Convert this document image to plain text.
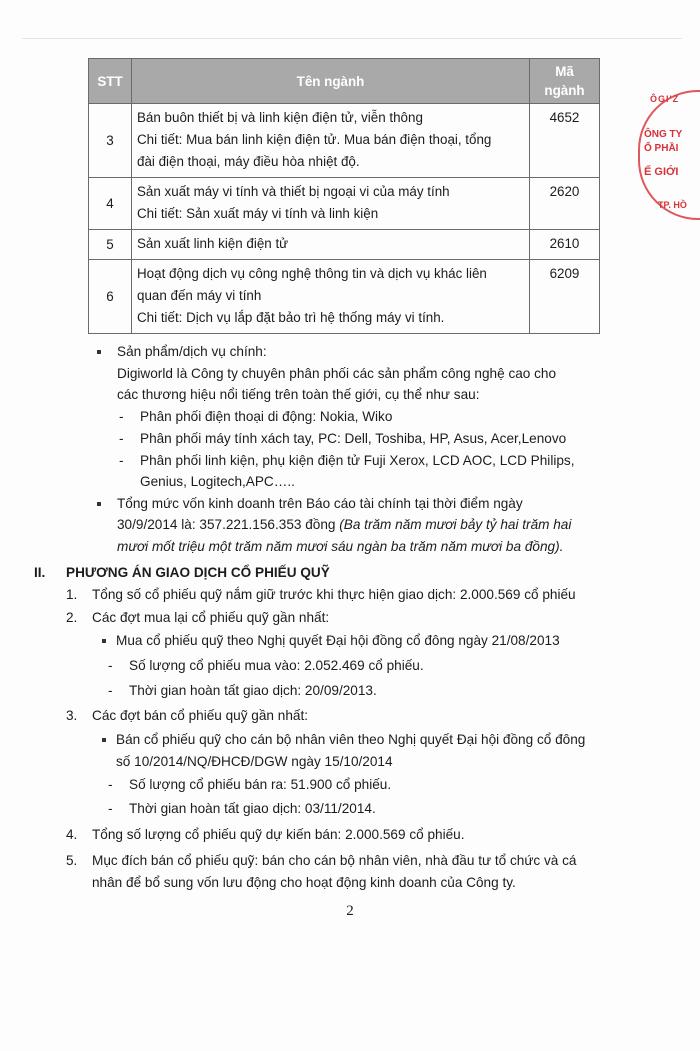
STT	Tên ngành	Mã
ngành
3	Bán buôn thiết bị và linh kiện điện tử, viễn thông

Chi tiết: Mua bán linh kiện điện tử. Mua bán điện thoại, tổng

đài điện thoại, máy điều hòa nhiệt độ.	4652
4	Sản xuất máy vi tính và thiết bị ngoại vi của máy tính

Chi tiết: Sản xuất máy vi tính và linh kiện	2620
5	Sản xuất linh kiện điện tử	2610
6	Hoạt động dịch vụ công nghệ thông tin và dịch vụ khác liên

quan đến máy vi tính

Chi tiết: Dịch vụ lắp đặt bảo trì hệ thống máy vi tính.	6209
Sản phẩm/dịch vụ chính:
Digiworld là Công ty chuyên phân phối các sản phẩm công nghệ cao cho
các thương hiệu nổi tiếng trên toàn thế giới, cụ thể như sau:
- Phân phối điện thoại di động: Nokia, Wiko
- Phân phối máy tính xách tay, PC: Dell, Toshiba, HP, Asus, Acer,Lenovo
- Phân phối linh kiện, phụ kiện điện tử Fuji Xerox, LCD AOC, LCD Philips,
Genius, Logitech,APC…..
Tổng mức vốn kinh doanh trên Báo cáo tài chính tại thời điểm ngày
30/9/2014 là: 357.221.156.353 đồng (Ba trăm năm mươi bảy tỷ hai trăm hai
mươi mốt triệu một trăm năm mươi sáu ngàn ba trăm năm mươi ba đồng).
II. PHƯƠNG ÁN GIAO DỊCH CỔ PHIẾU QUỸ
1. Tổng số cổ phiếu quỹ nắm giữ trước khi thực hiện giao dịch: 2.000.569 cổ phiếu
2. Các đợt mua lại cổ phiếu quỹ gần nhất:
Mua cổ phiếu quỹ theo Nghị quyết Đại hội đồng cổ đông ngày 21/08/2013
- Số lượng cổ phiếu mua vào: 2.052.469 cổ phiếu.
- Thời gian hoàn tất giao dịch: 20/09/2013.
3. Các đợt bán cổ phiếu quỹ gần nhất:
Bán cổ phiếu quỹ cho cán bộ nhân viên theo Nghị quyết Đại hội đồng cổ đông
số 10/2014/NQ/ĐHCĐ/DGW ngày 15/10/2014
- Số lượng cổ phiếu bán ra: 51.900 cổ phiếu.
- Thời gian hoàn tất giao dịch: 03/11/2014.
4. Tổng số lượng cổ phiếu quỹ dự kiến bán: 2.000.569 cổ phiếu.
5. Mục đích bán cổ phiếu quỹ: bán cho cán bộ nhân viên, nhà đầu tư tổ chức và cá
nhân để bổ sung vốn lưu động cho hoạt động kinh doanh của Công ty.
2
ÔGI'Z
ÔNG TY
Ổ PHẦI
Ế GIỚI
TP. HỒ
